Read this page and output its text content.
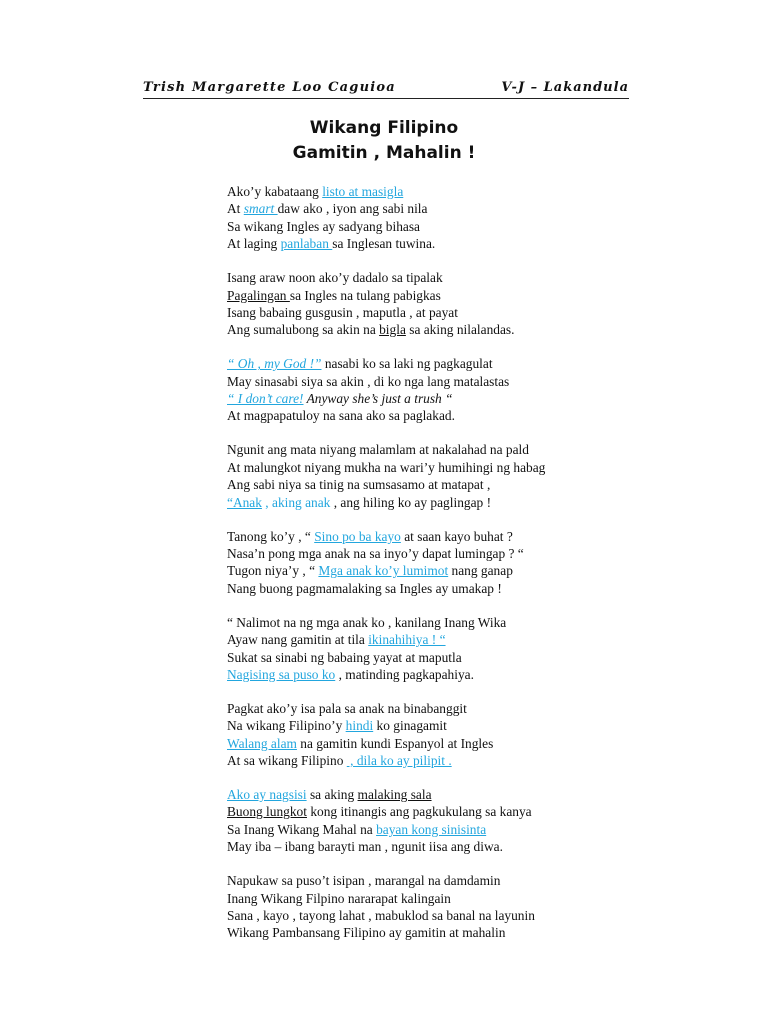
Trish Margarette Loo Caguioa	V-J – Lakandula
Wikang Filipino
Gamitin , Mahalin !
Ako’y kabataang listo at masigla
At smart daw ako , iyon ang sabi nila
Sa wikang Ingles ay sadyang bihasa
At laging panlaban sa Inglesan tuwina.
Isang araw noon ako’y dadalo sa tipalak
Pagalingan sa Ingles na tulang pabigkas
Isang babaing gusgusin , maputla , at payat
Ang sumalubong sa akin na bigla sa aking nilalandas.
“ Oh , my God !” nasabi ko sa laki ng pagkagulat
May sinasabi siya sa akin , di ko nga lang matalastas
“ I don’t care! Anyway she’s just a trush “
At magpapatuloy na sana ako sa paglakad.
Ngunit ang mata niyang malamlam at nakalahad na pald
At malungkot niyang mukha na wari’y humihingi ng habag
Ang sabi niya sa tinig na sumsasamo at matapat ,
“Anak , aking anak , ang hiling ko ay paglingap !
Tanong ko’y , “ Sino po ba kayo at saan kayo buhat ?
Nasa’n pong mga anak na sa inyo’y dapat lumingap ? “
Tugon niya’y , “ Mga anak ko’y lumimot nang ganap
Nang buong pagmamalaking sa Ingles ay umakap !
“ Nalimot na ng mga anak ko , kanilang Inang Wika
Ayaw nang gamitin at tila ikinahihiya ! “
Sukat sa sinabi ng babaing yayat at maputla
Nagising sa puso ko , matinding pagkapahiya.
Pagkat ako’y isa pala sa anak na binabanggit
Na wikang Filipino’y hindi ko ginagamit
Walang alam na gamitin kundi Espanyol at Ingles
At sa wikang Filipino  , dila ko ay pilipit .
Ako ay nagsisi sa aking malaking sala
Buong lungkot kong itinangis ang pagkukulang sa kanya
Sa Inang Wikang Mahal na bayan kong sinisinta
May iba – ibang barayti man , ngunit iisa ang diwa.
Napukaw sa puso’t isipan , marangal na damdamin
Inang Wikang Filpino nararapat kalingain
Sana , kayo , tayong lahat , mabuklod sa banal na layunin
Wikang Pambansang Filipino ay gamitin at mahalin
